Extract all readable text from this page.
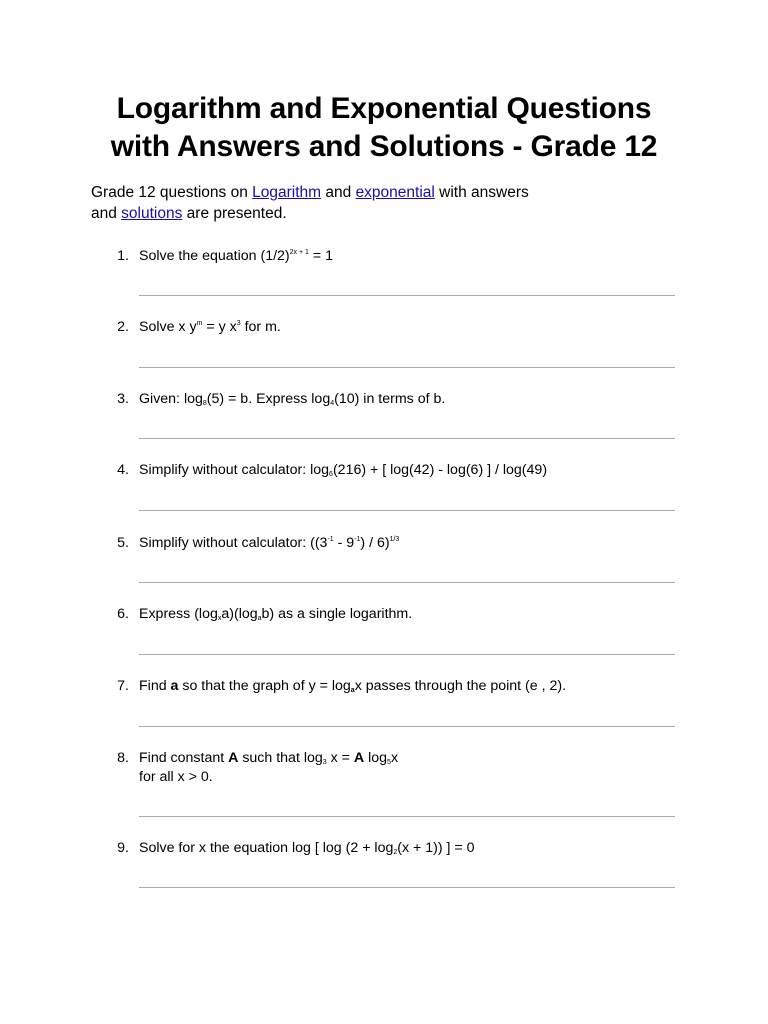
Logarithm and Exponential Questions
with Answers and Solutions - Grade 12
Grade 12 questions on Logarithm and exponential with answers
and solutions are presented.
1. Solve the equation $(1/2)^{2x + 1} = 1$
2. Solve x $y^m = y$ $x^3$ for m.
3. Given: $\log_8(5) = b$. Express $\log_4(10)$ in terms of b.
4. Simplify without calculator: $\log_6(216)$ + [ log(42) - log(6) ] / log(49)
5. Simplify without calculator: $((3^{-1} - 9^{-1}) / 6)^{1/3}$
6. Express $(\log_xa)(\log_ab)$ as a single logarithm.
7. Find a so that the graph of $y = \log_ax$ passes through the point (e , 2).
8. Find constant A such that $\log_3 x = A$ $\log_5x$
for all x > 0.
9. Solve for x the equation log [ $\log (2 + \log_2(x + 1))$ ] = 0
